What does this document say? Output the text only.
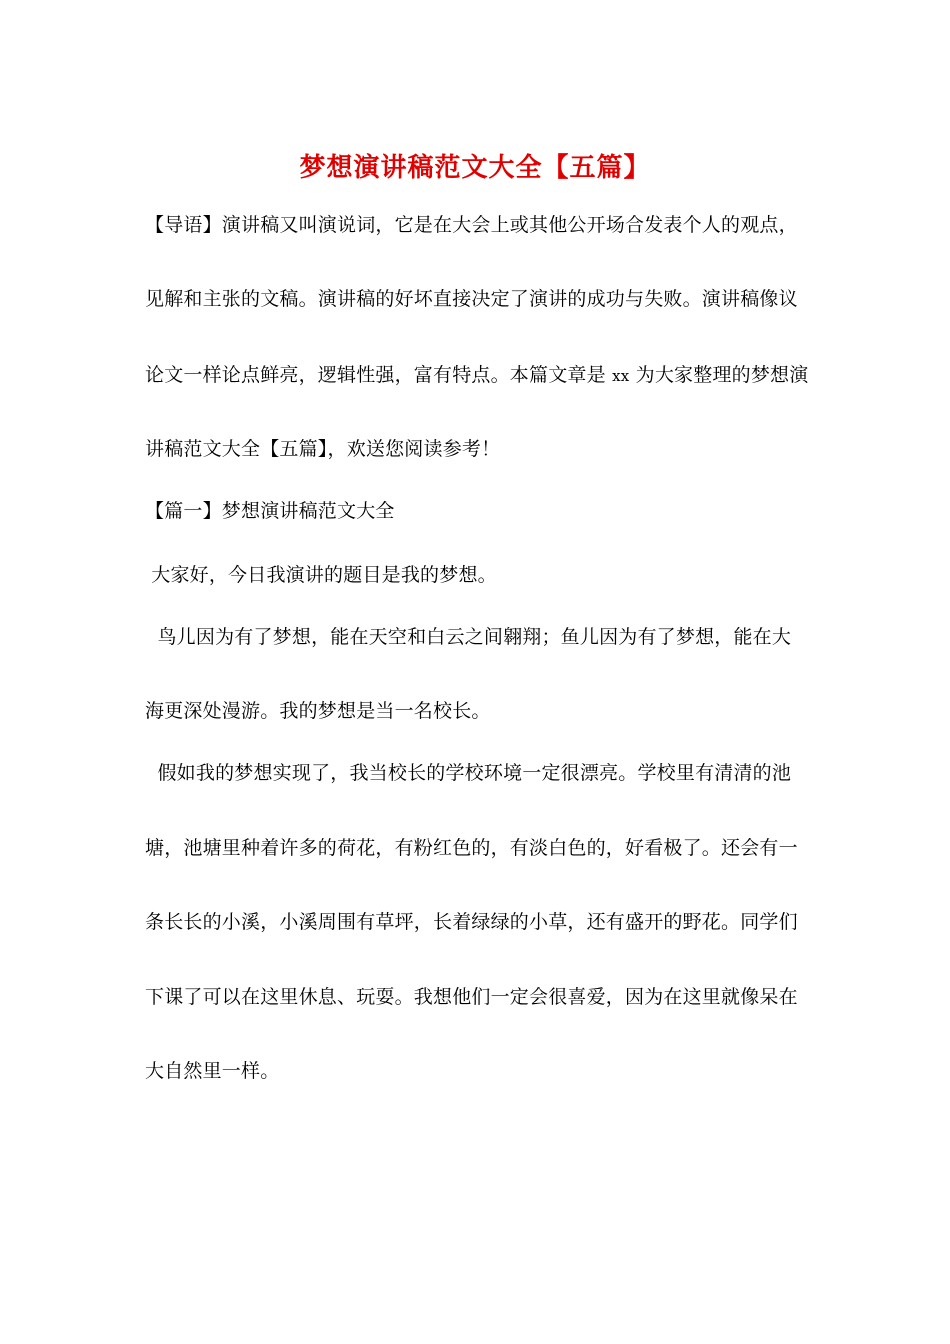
梦想演讲稿范文大全【五篇】
【导语】演讲稿又叫演说词，它是在大会上或其他公开场合发表个人的观点，
见解和主张的文稿。演讲稿的好坏直接决定了演讲的成功与失败。演讲稿像议
论文一样论点鲜亮，逻辑性强，富有特点。本篇文章是 xx 为大家整理的梦想演
讲稿范文大全【五篇】，欢送您阅读参考！
【篇一】梦想演讲稿范文大全
大家好，今日我演讲的题目是我的梦想。
鸟儿因为有了梦想，能在天空和白云之间翱翔；鱼儿因为有了梦想，能在大
海更深处漫游。我的梦想是当一名校长。
假如我的梦想实现了，我当校长的学校环境一定很漂亮。学校里有清清的池
塘，池塘里种着许多的荷花，有粉红色的，有淡白色的，好看极了。还会有一
条长长的小溪，小溪周围有草坪，长着绿绿的小草，还有盛开的野花。同学们
下课了可以在这里休息、玩耍。我想他们一定会很喜爱，因为在这里就像呆在
大自然里一样。
